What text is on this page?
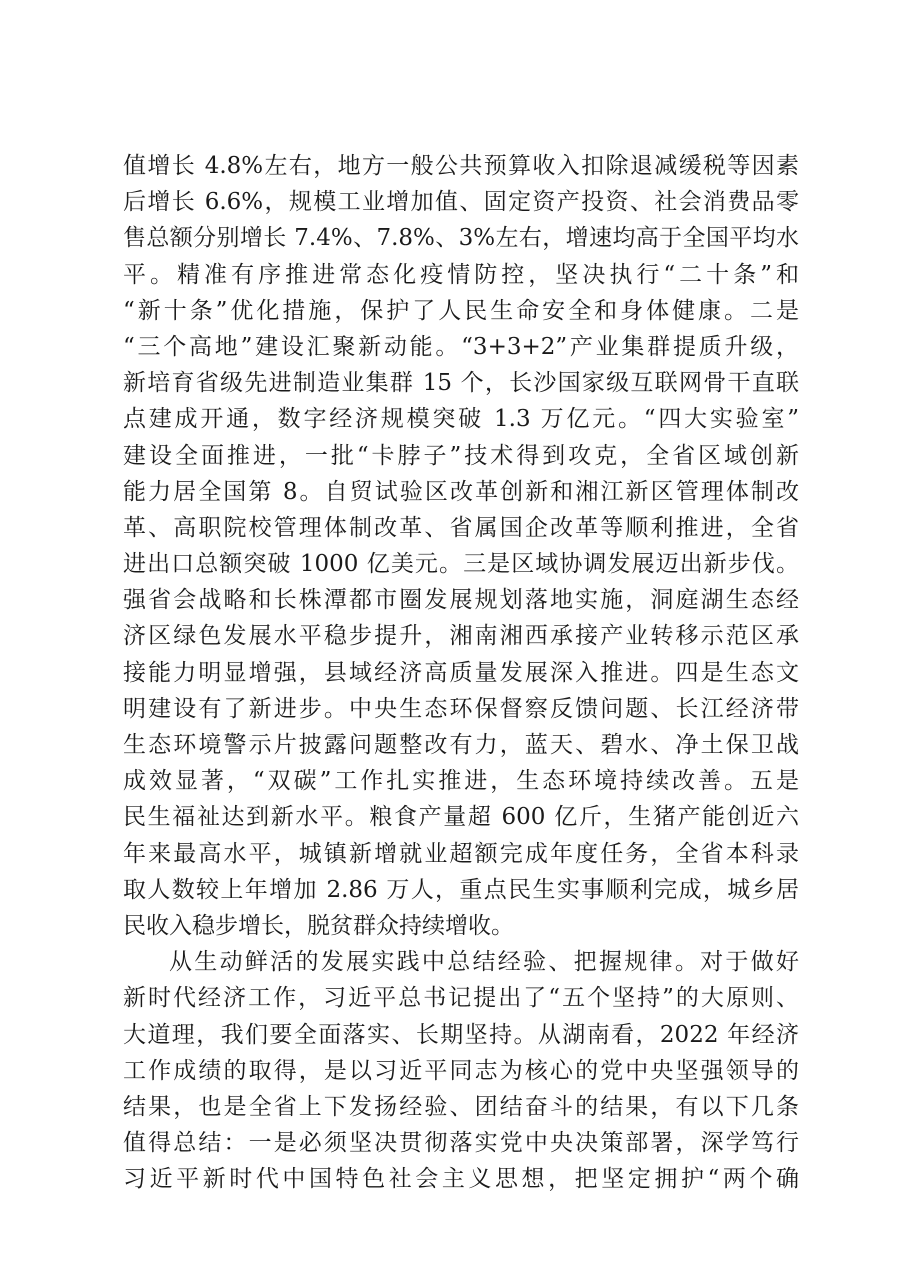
值增长 4.8%左右，地方一般公共预算收入扣除退减缓税等因素
后增长 6.6%，规模工业增加值、固定资产投资、社会消费品零
售总额分别增长 7.4%、7.8%、3%左右，增速均高于全国平均水
平。精准有序推进常态化疫情防控，坚决执行“二十条”和
“新十条”优化措施，保护了人民生命安全和身体健康。二是
“三个高地”建设汇聚新动能。“3+3+2”产业集群提质升级，
新培育省级先进制造业集群 15 个，长沙国家级互联网骨干直联
点建成开通，数字经济规模突破 1.3 万亿元。“四大实验室”
建设全面推进，一批“卡脖子”技术得到攻克，全省区域创新
能力居全国第 8。自贸试验区改革创新和湘江新区管理体制改
革、高职院校管理体制改革、省属国企改革等顺利推进，全省
进出口总额突破 1000 亿美元。三是区域协调发展迈出新步伐。
强省会战略和长株潭都市圈发展规划落地实施，洞庭湖生态经
济区绿色发展水平稳步提升，湘南湘西承接产业转移示范区承
接能力明显增强，县域经济高质量发展深入推进。四是生态文
明建设有了新进步。中央生态环保督察反馈问题、长江经济带
生态环境警示片披露问题整改有力，蓝天、碧水、净土保卫战
成效显著，“双碳”工作扎实推进，生态环境持续改善。五是
民生福祉达到新水平。粮食产量超 600 亿斤，生猪产能创近六
年来最高水平，城镇新增就业超额完成年度任务，全省本科录
取人数较上年增加 2.86 万人，重点民生实事顺利完成，城乡居
民收入稳步增长，脱贫群众持续增收。
从生动鲜活的发展实践中总结经验、把握规律。对于做好
新时代经济工作，习近平总书记提出了“五个坚持”的大原则、
大道理，我们要全面落实、长期坚持。从湖南看，2022 年经济
工作成绩的取得，是以习近平同志为核心的党中央坚强领导的
结果，也是全省上下发扬经验、团结奋斗的结果，有以下几条
值得总结：一是必须坚决贯彻落实党中央决策部署，深学笃行
习近平新时代中国特色社会主义思想，把坚定拥护“两个确
